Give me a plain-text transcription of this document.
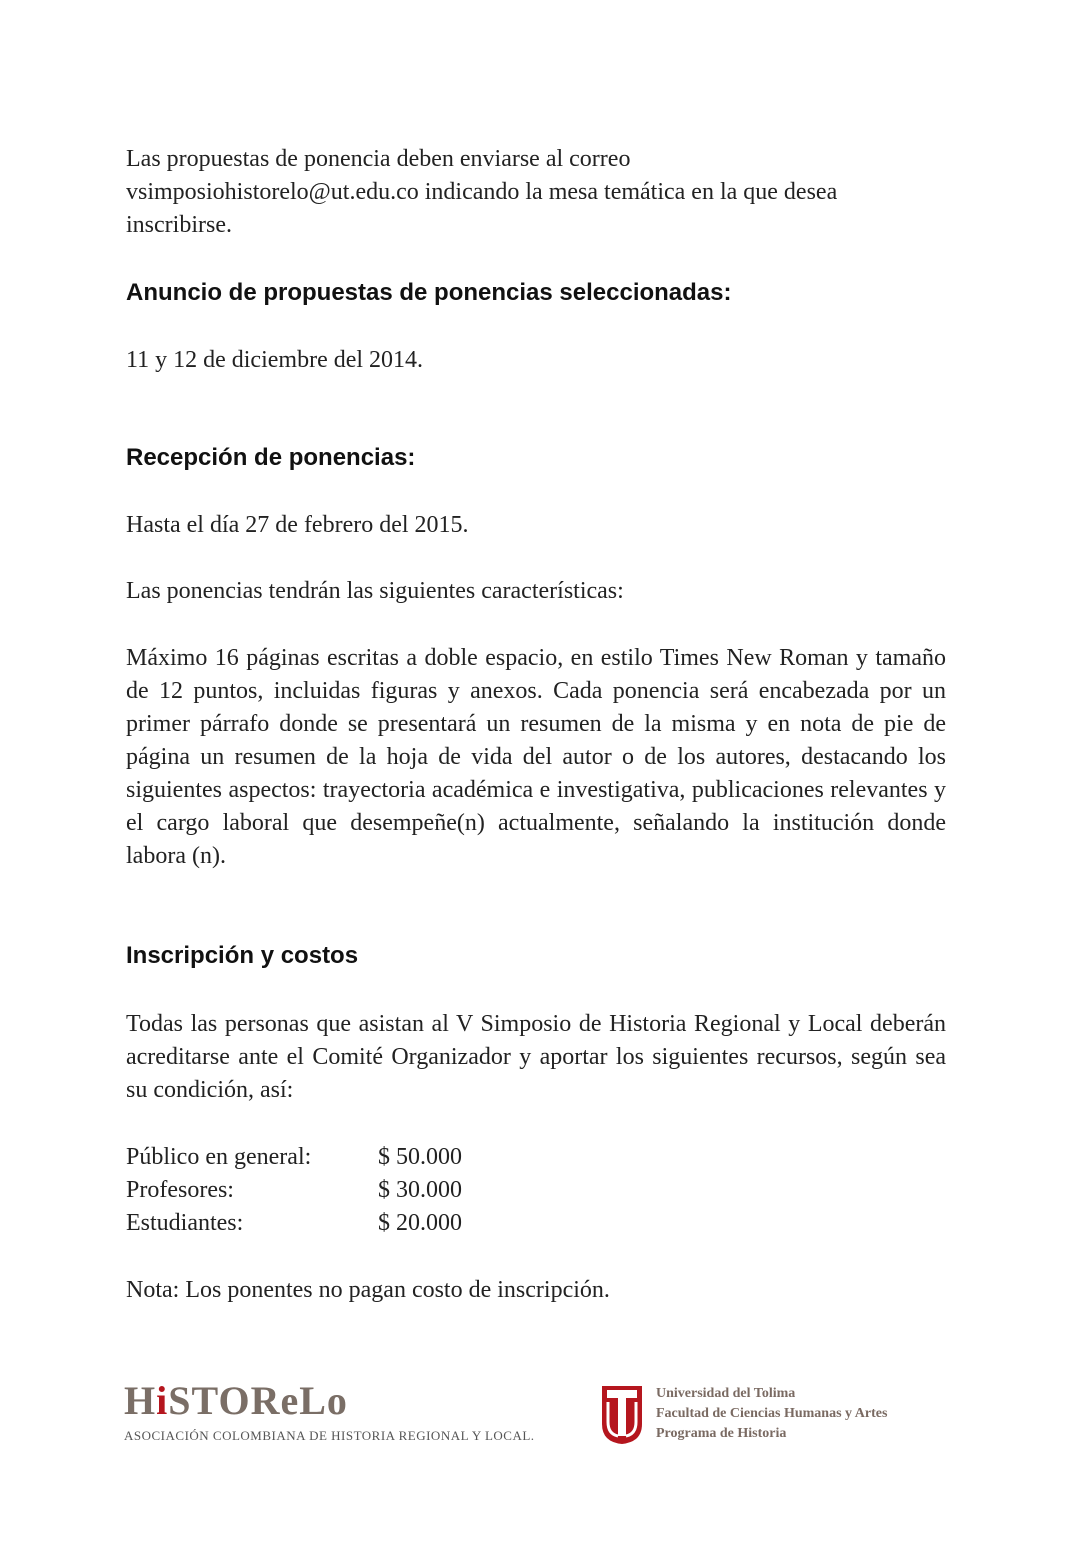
Las propuestas de ponencia deben enviarse al correo vsimposiohistorelo@ut.edu.co indicando la mesa temática en la que desea inscribirse.

Anuncio de propuestas de ponencias seleccionadas:

11 y 12 de diciembre del 2014.

Recepción de ponencias:

Hasta el día 27 de febrero del 2015.

Las ponencias tendrán las siguientes características:

Máximo 16 páginas escritas a doble espacio, en estilo Times New Roman y tamaño de 12 puntos, incluidas figuras y anexos. Cada ponencia será encabezada por un primer párrafo donde se presentará un resumen de la misma y en nota de pie de página un resumen de la hoja de vida del autor o de los autores, destacando los siguientes aspectos: trayectoria académica e investigativa, publicaciones relevantes y el cargo laboral que desempeñe(n) actualmente, señalando la institución donde labora (n).

Inscripción y costos

Todas las personas que asistan al V Simposio de Historia Regional y Local deberán acreditarse ante el Comité Organizador y aportar los siguientes recursos, según sea su condición, así:

Público en general:	$ 50.000
Profesores:	$ 30.000
Estudiantes:	$ 20.000

Nota: Los ponentes no pagan costo de inscripción.

HiSTOReLo
ASOCIACIÓN COLOMBIANA DE HISTORIA REGIONAL Y LOCAL.
Universidad del Tolima
Facultad de Ciencias Humanas y Artes
Programa de Historia
